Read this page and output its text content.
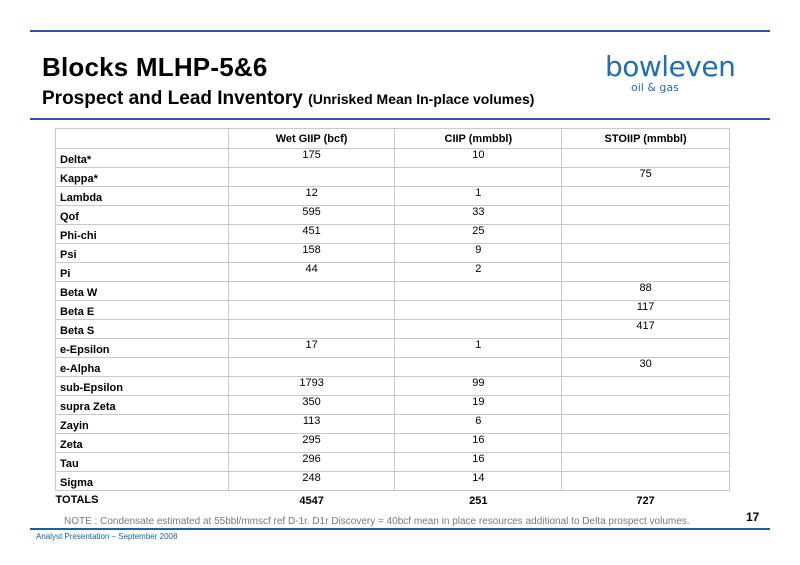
Blocks MLHP-5&6
Prospect and Lead Inventory (Unrisked Mean In-place volumes)
bowleven
oil & gas
	Wet GIIP (bcf)	CIIP (mmbbl)	STOIIP (mmbbl)
Delta*	175	10	
Kappa*			75
Lambda	12	1	
Qof	595	33	
Phi-chi	451	25	
Psi	158	9	
Pi	44	2	
Beta W			88
Beta E			117
Beta S			417
e-Epsilon	17	1	
e-Alpha			30
sub-Epsilon	1793	99	
supra Zeta	350	19	
Zayin	113	6	
Zeta	295	16	
Tau	296	16	
Sigma	248	14	
TOTALS	4547	251	727
NOTE : Condensate estimated at 55bbl/mmscf ref D-1r. D1r Discovery = 40bcf mean in place resources additional to Delta prospect volumes.	17
Analyst Presentation – September 2008
